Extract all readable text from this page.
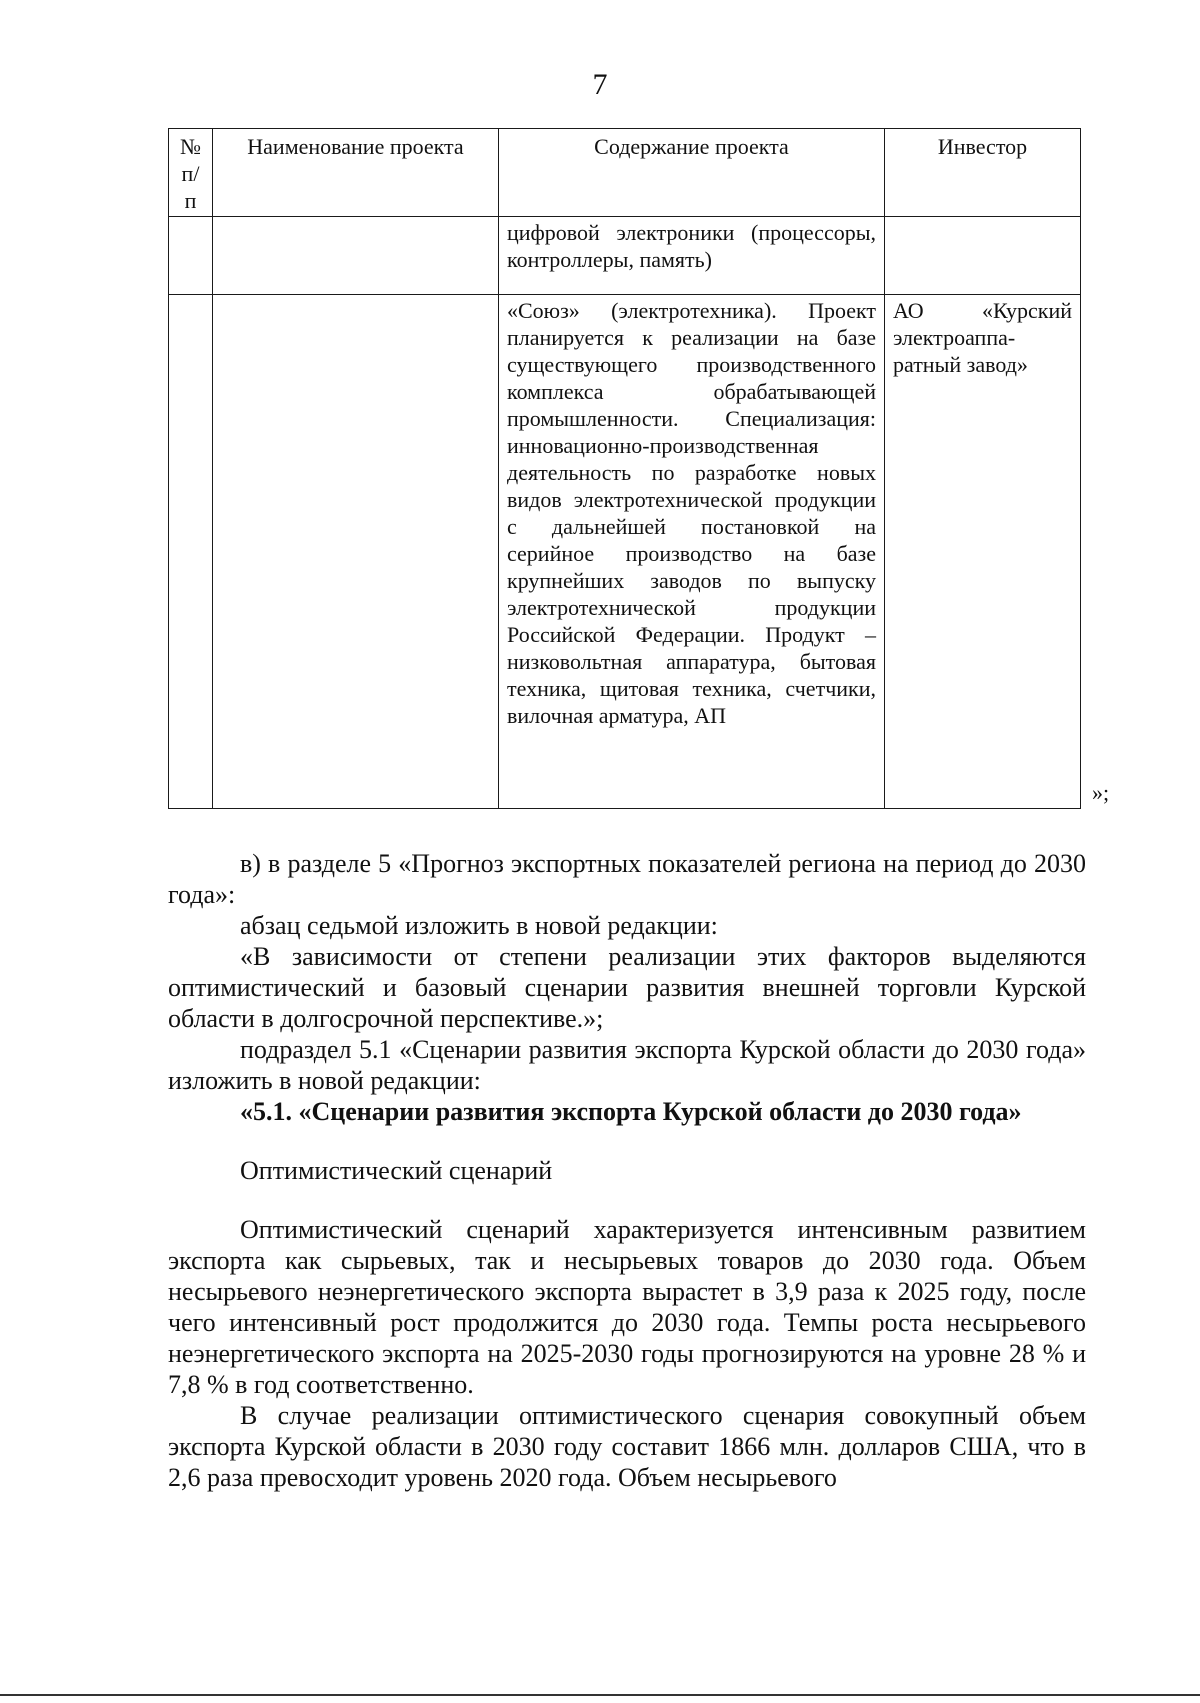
7
№ п/п	Наименование проекта	Содержание проекта	Инвестор
		цифровой электроники (процессоры, контроллеры, память)	
		«Союз» (электротехника). Проект планируется к реализации на базе существующего производственного комплекса обрабатывающей промышленности. Специализация: инновационно-производственная деятельность по разработке новых видов электротехнической продукции с дальнейшей постановкой на серийное производство на базе крупнейших заводов по выпуску электротехнической продукции Российской Федерации. Продукт – низковольтная аппаратура, бытовая техника, щитовая техника, счетчики, вилочная арматура, АП	АО «Курский электроаппа-ратный завод»
»;

в) в разделе 5 «Прогноз экспортных показателей региона на период до 2030 года»:

абзац седьмой изложить в новой редакции:

«В зависимости от степени реализации этих факторов выделяются оптимистический и базовый сценарии развития внешней торговли Курской области в долгосрочной перспективе.»;

подраздел 5.1 «Сценарии развития экспорта Курской области до 2030 года» изложить в новой редакции:

«5.1. «Сценарии развития экспорта Курской области до 2030 года»

Оптимистический сценарий

Оптимистический сценарий характеризуется интенсивным развитием экспорта как сырьевых, так и несырьевых товаров до 2030 года. Объем несырьевого неэнергетического экспорта вырастет в 3,9 раза к 2025 году, после чего интенсивный рост продолжится до 2030 года. Темпы роста несырьевого неэнергетического экспорта на 2025-2030 годы прогнозируются на уровне 28 % и 7,8 % в год соответственно.

В случае реализации оптимистического сценария совокупный объем экспорта Курской области в 2030 году составит 1866 млн. долларов США, что в 2,6 раза превосходит уровень 2020 года. Объем несырьевого
